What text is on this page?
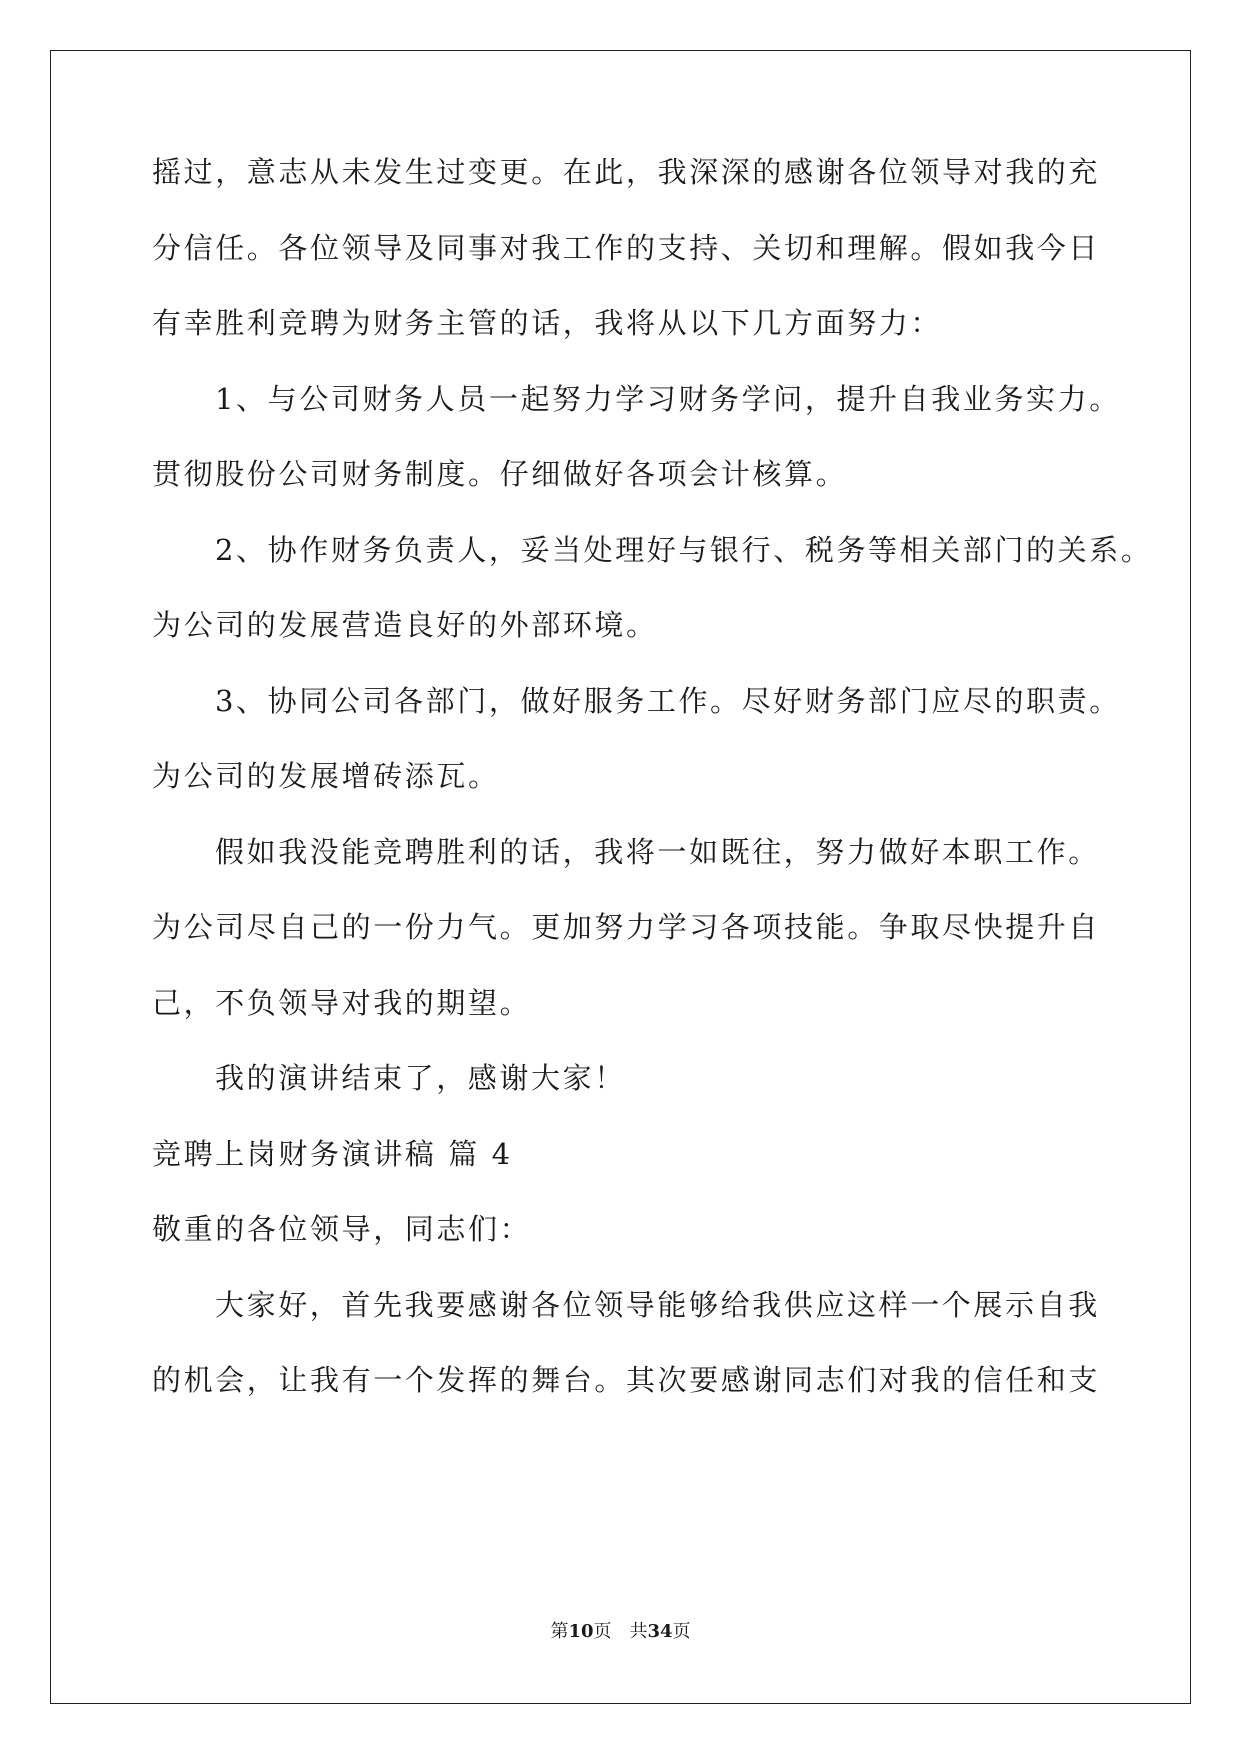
摇过，意志从未发生过变更。在此，我深深的感谢各位领导对我的充
分信任。各位领导及同事对我工作的支持、关切和理解。假如我今日
有幸胜利竞聘为财务主管的话，我将从以下几方面努力：
1、与公司财务人员一起努力学习财务学问，提升自我业务实力。
贯彻股份公司财务制度。仔细做好各项会计核算。
2、协作财务负责人，妥当处理好与银行、税务等相关部门的关系。
为公司的发展营造良好的外部环境。
3、协同公司各部门，做好服务工作。尽好财务部门应尽的职责。
为公司的发展增砖添瓦。
假如我没能竞聘胜利的话，我将一如既往，努力做好本职工作。
为公司尽自己的一份力气。更加努力学习各项技能。争取尽快提升自
己，不负领导对我的期望。
我的演讲结束了，感谢大家！
竞聘上岗财务演讲稿 篇 4
敬重的各位领导，同志们：
大家好，首先我要感谢各位领导能够给我供应这样一个展示自我
的机会，让我有一个发挥的舞台。其次要感谢同志们对我的信任和支
第10页　共34页
